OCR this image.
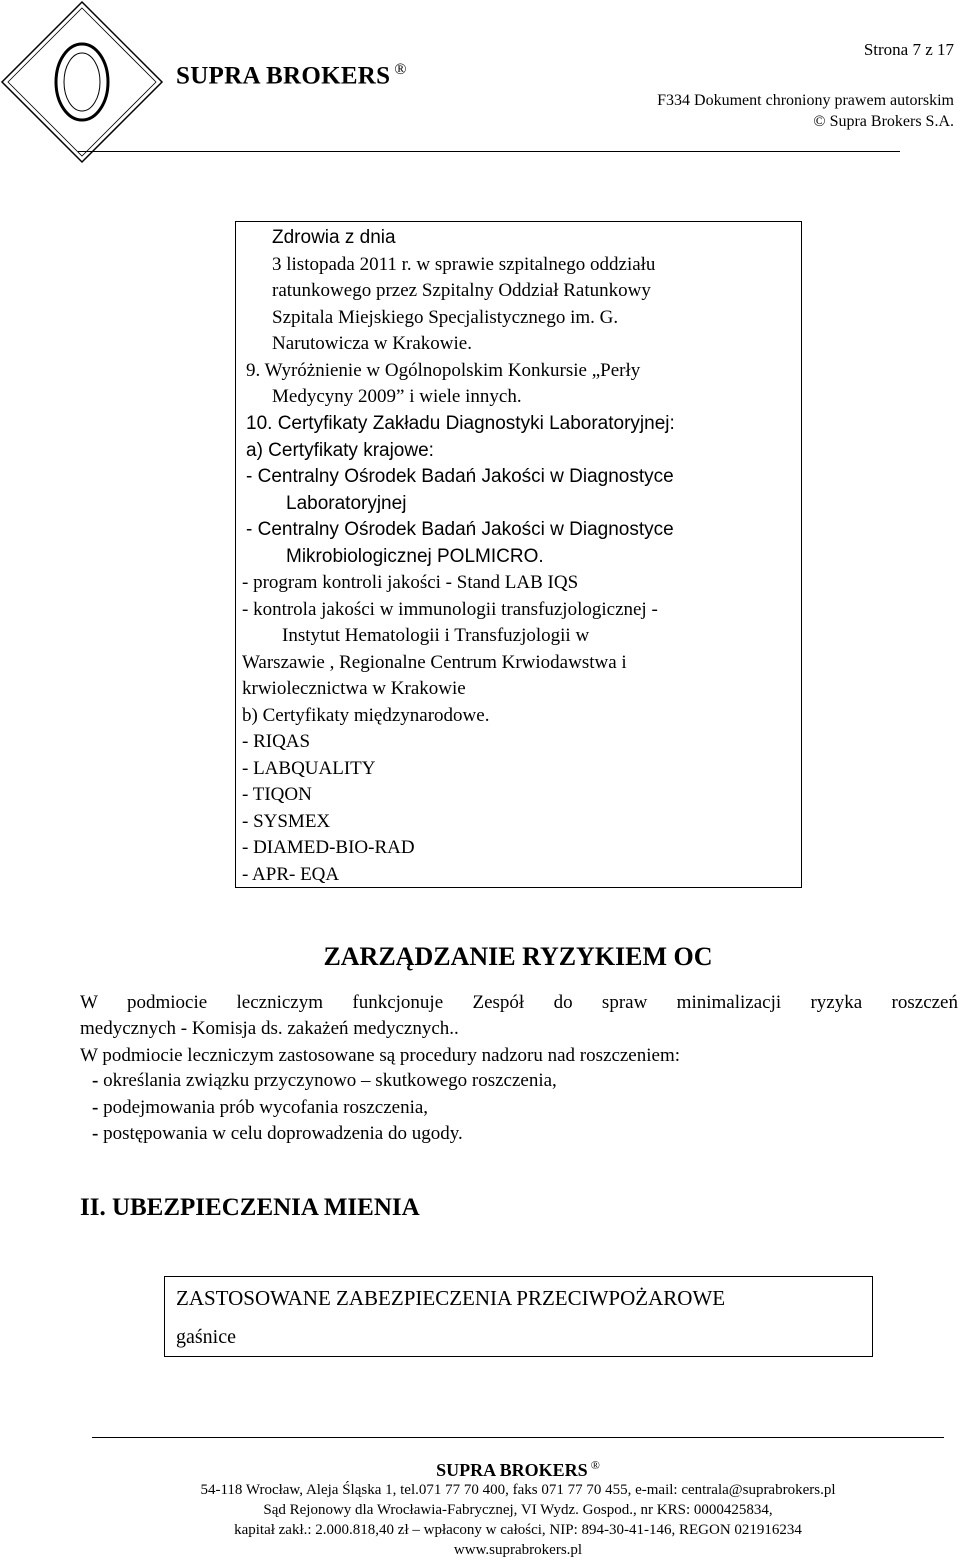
SUPRA BROKERS ®
Strona 7 z 17
F334 Dokument chroniony prawem autorskim
© Supra Brokers S.A.
Zdrowia z dnia
3 listopada 2011 r. w sprawie szpitalnego oddziału
ratunkowego przez Szpitalny Oddział Ratunkowy
Szpitala Miejskiego Specjalistycznego im. G.
Narutowicza w Krakowie.
9. Wyróżnienie w Ogólnopolskim Konkursie „Perły
Medycyny 2009” i wiele innych.
10. Certyfikaty Zakładu Diagnostyki Laboratoryjnej:
a) Certyfikaty krajowe:
- Centralny Ośrodek Badań Jakości w Diagnostyce
Laboratoryjnej
- Centralny Ośrodek Badań Jakości w Diagnostyce
Mikrobiologicznej POLMICRO.
- program kontroli jakości - Stand LAB IQS
- kontrola jakości w immunologii transfuzjologicznej -
Instytut Hematologii i Transfuzjologii w
Warszawie , Regionalne Centrum Krwiodawstwa i
krwiolecznictwa w Krakowie
b) Certyfikaty międzynarodowe.
- RIQAS
- LABQUALITY
- TIQON
- SYSMEX
- DIAMED-BIO-RAD
- APR- EQA
ZARZĄDZANIE RYZYKIEM OC
W podmiocie leczniczym funkcjonuje Zespół do spraw minimalizacji ryzyka roszczeń
medycznych - Komisja ds. zakażeń medycznych..
W podmiocie leczniczym zastosowane są procedury nadzoru nad roszczeniem:
- określania związku przyczynowo – skutkowego roszczenia,
- podejmowania prób wycofania roszczenia,
- postępowania w celu doprowadzenia do ugody.
II. UBEZPIECZENIA MIENIA
ZASTOSOWANE ZABEZPIECZENIA PRZECIWPOŻAROWE
gaśnice
SUPRA BROKERS ®
54-118 Wrocław, Aleja Śląska 1, tel.071 77 70 400, faks 071 77 70 455, e-mail: centrala@suprabrokers.pl
Sąd Rejonowy dla Wrocławia-Fabrycznej, VI Wydz. Gospod., nr KRS: 0000425834,
kapitał zakł.: 2.000.818,40 zł – wpłacony w całości, NIP: 894-30-41-146, REGON 021916234
www.suprabrokers.pl
